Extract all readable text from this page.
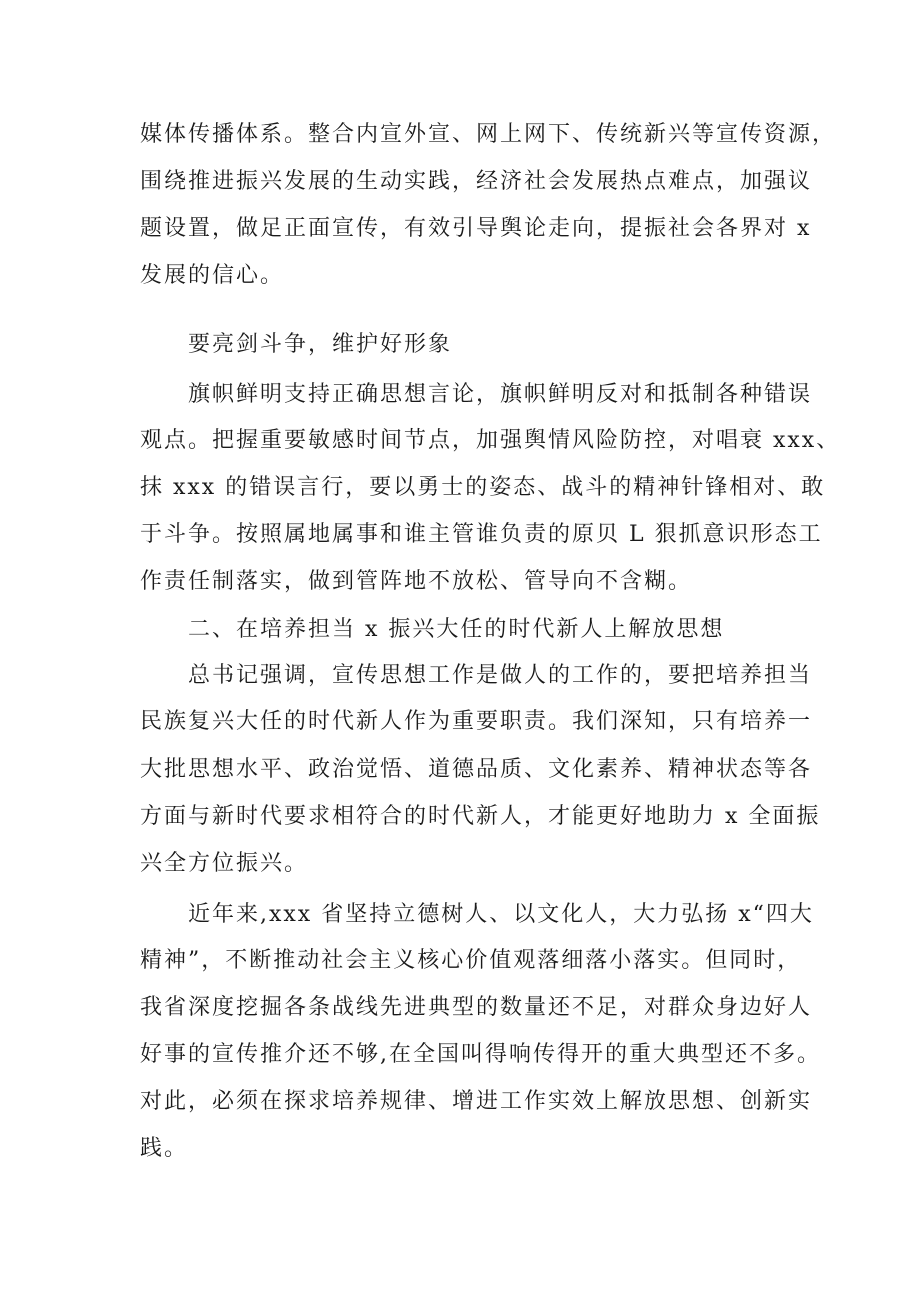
媒体传播体系。整合内宣外宣、网上网下、传统新兴等宣传资源，
围绕推进振兴发展的生动实践，经济社会发展热点难点，加强议
题设置，做足正面宣传，有效引导舆论走向，提振社会各界对 x
发展的信心。
要亮剑斗争，维护好形象
旗帜鲜明支持正确思想言论，旗帜鲜明反对和抵制各种错误
观点。把握重要敏感时间节点，加强舆情风险防控，对唱衰 xxx、
抹 xxx 的错误言行，要以勇士的姿态、战斗的精神针锋相对、敢
于斗争。按照属地属事和谁主管谁负责的原贝 L 狠抓意识形态工
作责任制落实，做到管阵地不放松、管导向不含糊。
二、在培养担当 x 振兴大任的时代新人上解放思想
总书记强调，宣传思想工作是做人的工作的，要把培养担当
民族复兴大任的时代新人作为重要职责。我们深知，只有培养一
大批思想水平、政治觉悟、道德品质、文化素养、精神状态等各
方面与新时代要求相符合的时代新人，才能更好地助力 x 全面振
兴全方位振兴。
近年来,xxx 省坚持立德树人、以文化人，大力弘扬 x“四大
精神”，不断推动社会主义核心价值观落细落小落实。但同时，
我省深度挖掘各条战线先进典型的数量还不足，对群众身边好人
好事的宣传推介还不够,在全国叫得响传得开的重大典型还不多。
对此，必须在探求培养规律、增进工作实效上解放思想、创新实
践。
